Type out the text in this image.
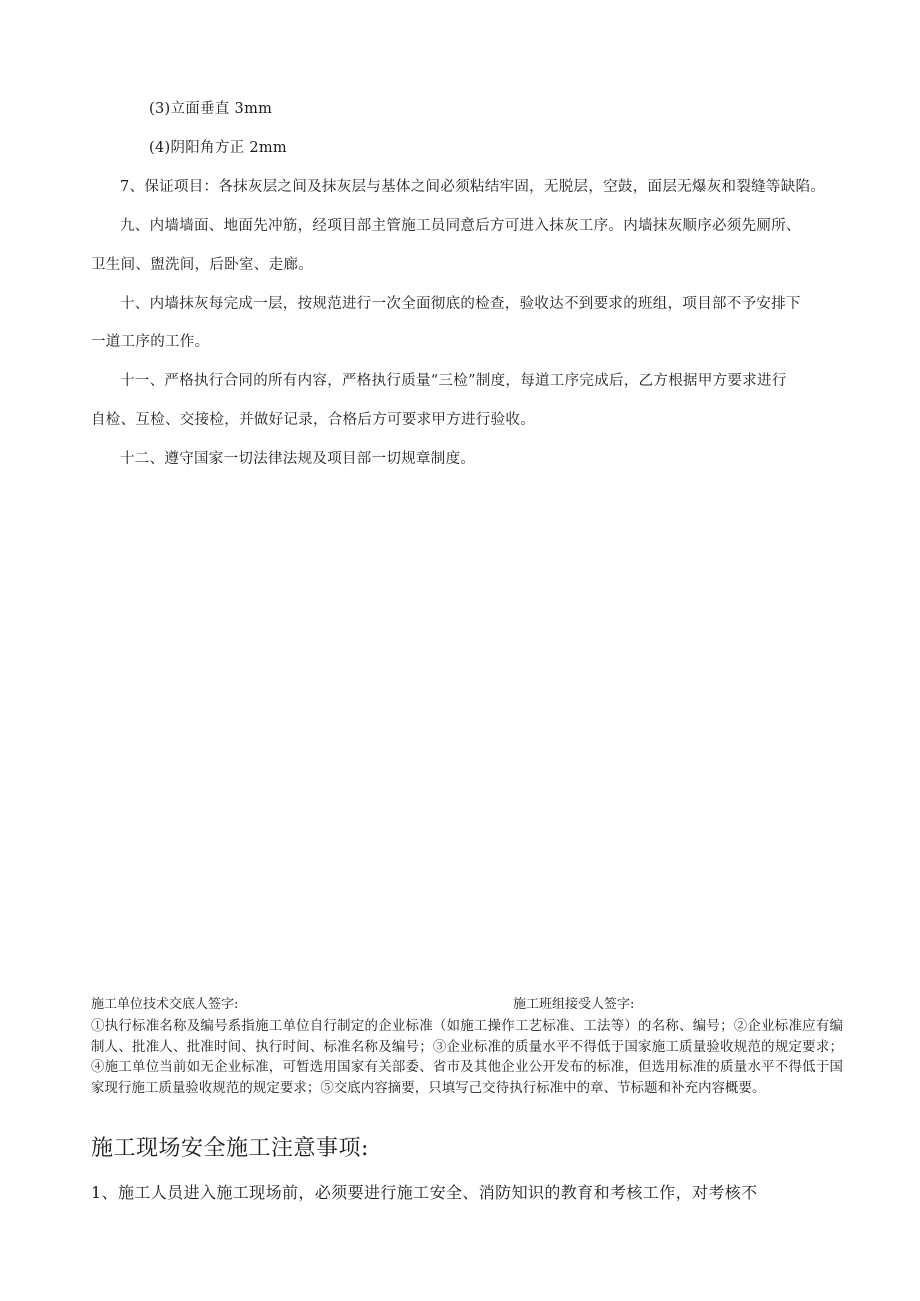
(3)立面垂直 3mm
(4)阴阳角方正 2mm
7、保证项目：各抹灰层之间及抹灰层与基体之间必须粘结牢固，无脱层，空鼓，面层无爆灰和裂缝等缺陷。
九、内墙墙面、地面先冲筋，经项目部主管施工员同意后方可进入抹灰工序。内墙抹灰顺序必须先厕所、
卫生间、盥洗间，后卧室、走廊。
十、内墙抹灰每完成一层，按规范进行一次全面彻底的检查，验收达不到要求的班组，项目部不予安排下
一道工序的工作。
十一、严格执行合同的所有内容，严格执行质量“三检”制度，每道工序完成后，乙方根据甲方要求进行
自检、互检、交接检，并做好记录，合格后方可要求甲方进行验收。
十二、遵守国家一切法律法规及项目部一切规章制度。
施工单位技术交底人签字:	施工班组接受人签字:
①执行标准名称及编号系指施工单位自行制定的企业标准（如施工操作工艺标准、工法等）的名称、编号；②企业标准应有编制人、批准人、批准时间、执行时间、标准名称及编号；③企业标准的质量水平不得低于国家施工质量验收规范的规定要求；④施工单位当前如无企业标准，可暂选用国家有关部委、省市及其他企业公开发布的标准，但选用标准的质量水平不得低于国家现行施工质量验收规范的规定要求；⑤交底内容摘要，只填写己交待执行标准中的章、节标题和补充内容概要。
施工现场安全施工注意事项:
1、施工人员进入施工现场前，必须要进行施工安全、消防知识的教育和考核工作，对考核不
